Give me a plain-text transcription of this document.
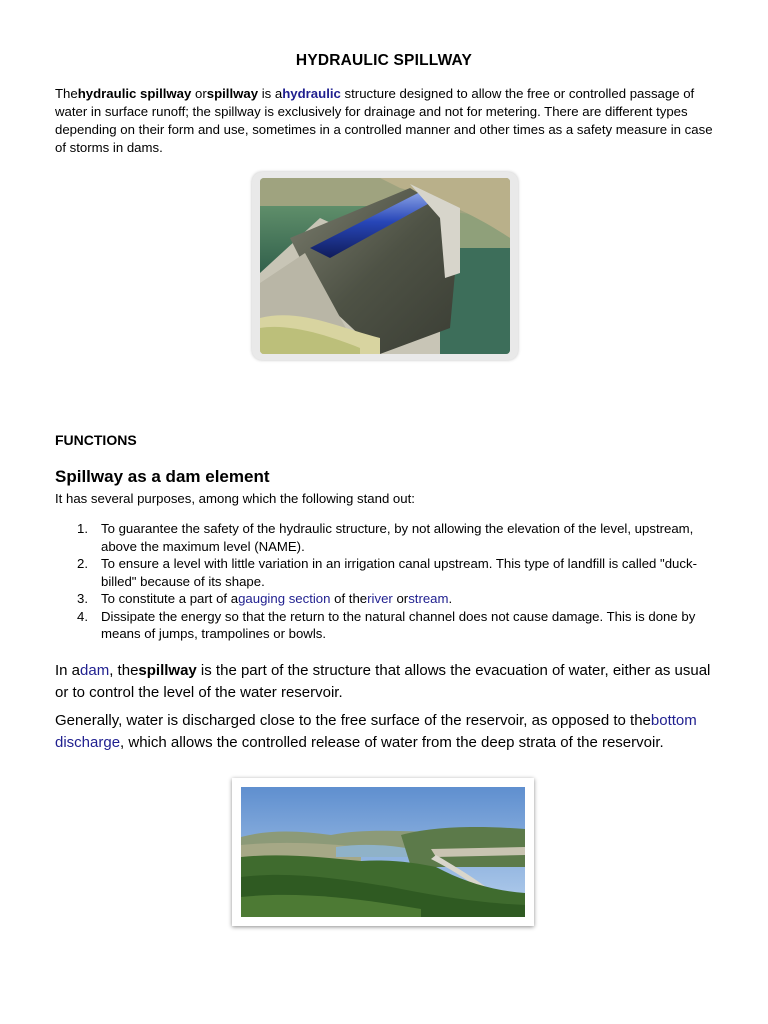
HYDRAULIC SPILLWAY
Thehydraulic spillway orspillway is ahydraulic structure designed to allow the free or controlled passage of water in surface runoff; the spillway is exclusively for drainage and not for metering. There are different types depending on their form and use, sometimes in a controlled manner and other times as a safety measure in case of storms in dams.
FUNCTIONS
Spillway as a dam element
It has several purposes, among which the following stand out:
1. To guarantee the safety of the hydraulic structure, by not allowing the elevation of the level, upstream, above the maximum level (NAME).
2. To ensure a level with little variation in an irrigation canal upstream. This type of landfill is called "duck-billed" because of its shape.
3. To constitute a part of agauging section of theriver orstream.
4. Dissipate the energy so that the return to the natural channel does not cause damage. This is done by means of jumps, trampolines or bowls.
In adam, thespillway is the part of the structure that allows the evacuation of water, either as usual or to control the level of the water reservoir.
Generally, water is discharged close to the free surface of the reservoir, as opposed to thebottom discharge, which allows the controlled release of water from the deep strata of the reservoir.
